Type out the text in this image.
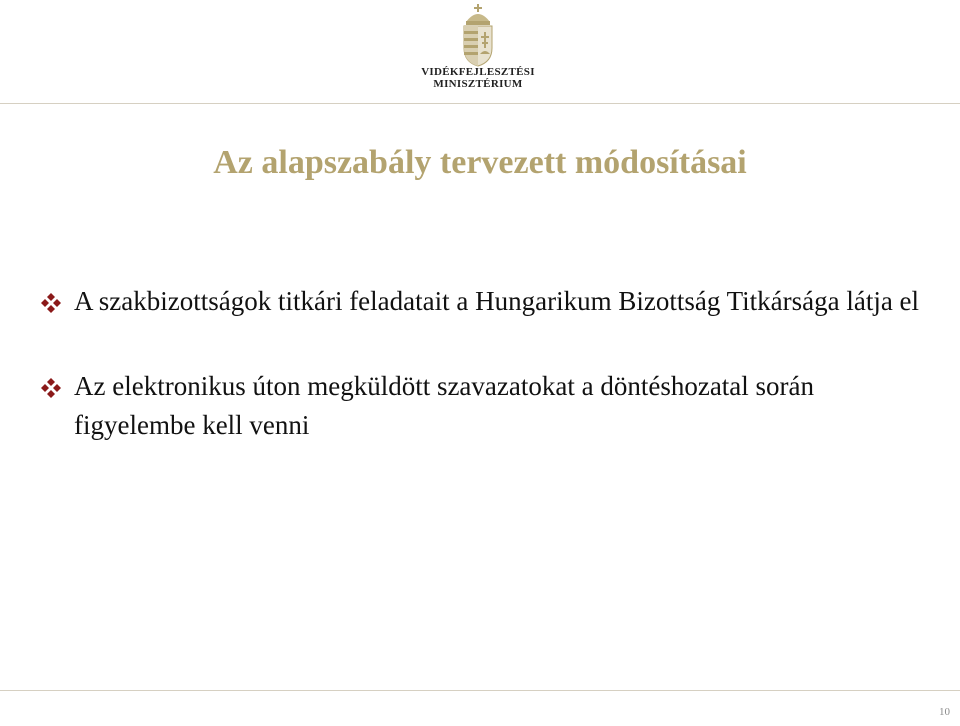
VIDÉKFEJLESZTÉSI
MINISZTÉRIUM
Az alapszabály tervezett módosításai
A szakbizottságok titkári feladatait a Hungarikum Bizottság Titkársága látja el
Az elektronikus úton megküldött szavazatokat a döntéshozatal során figyelembe kell venni
10
